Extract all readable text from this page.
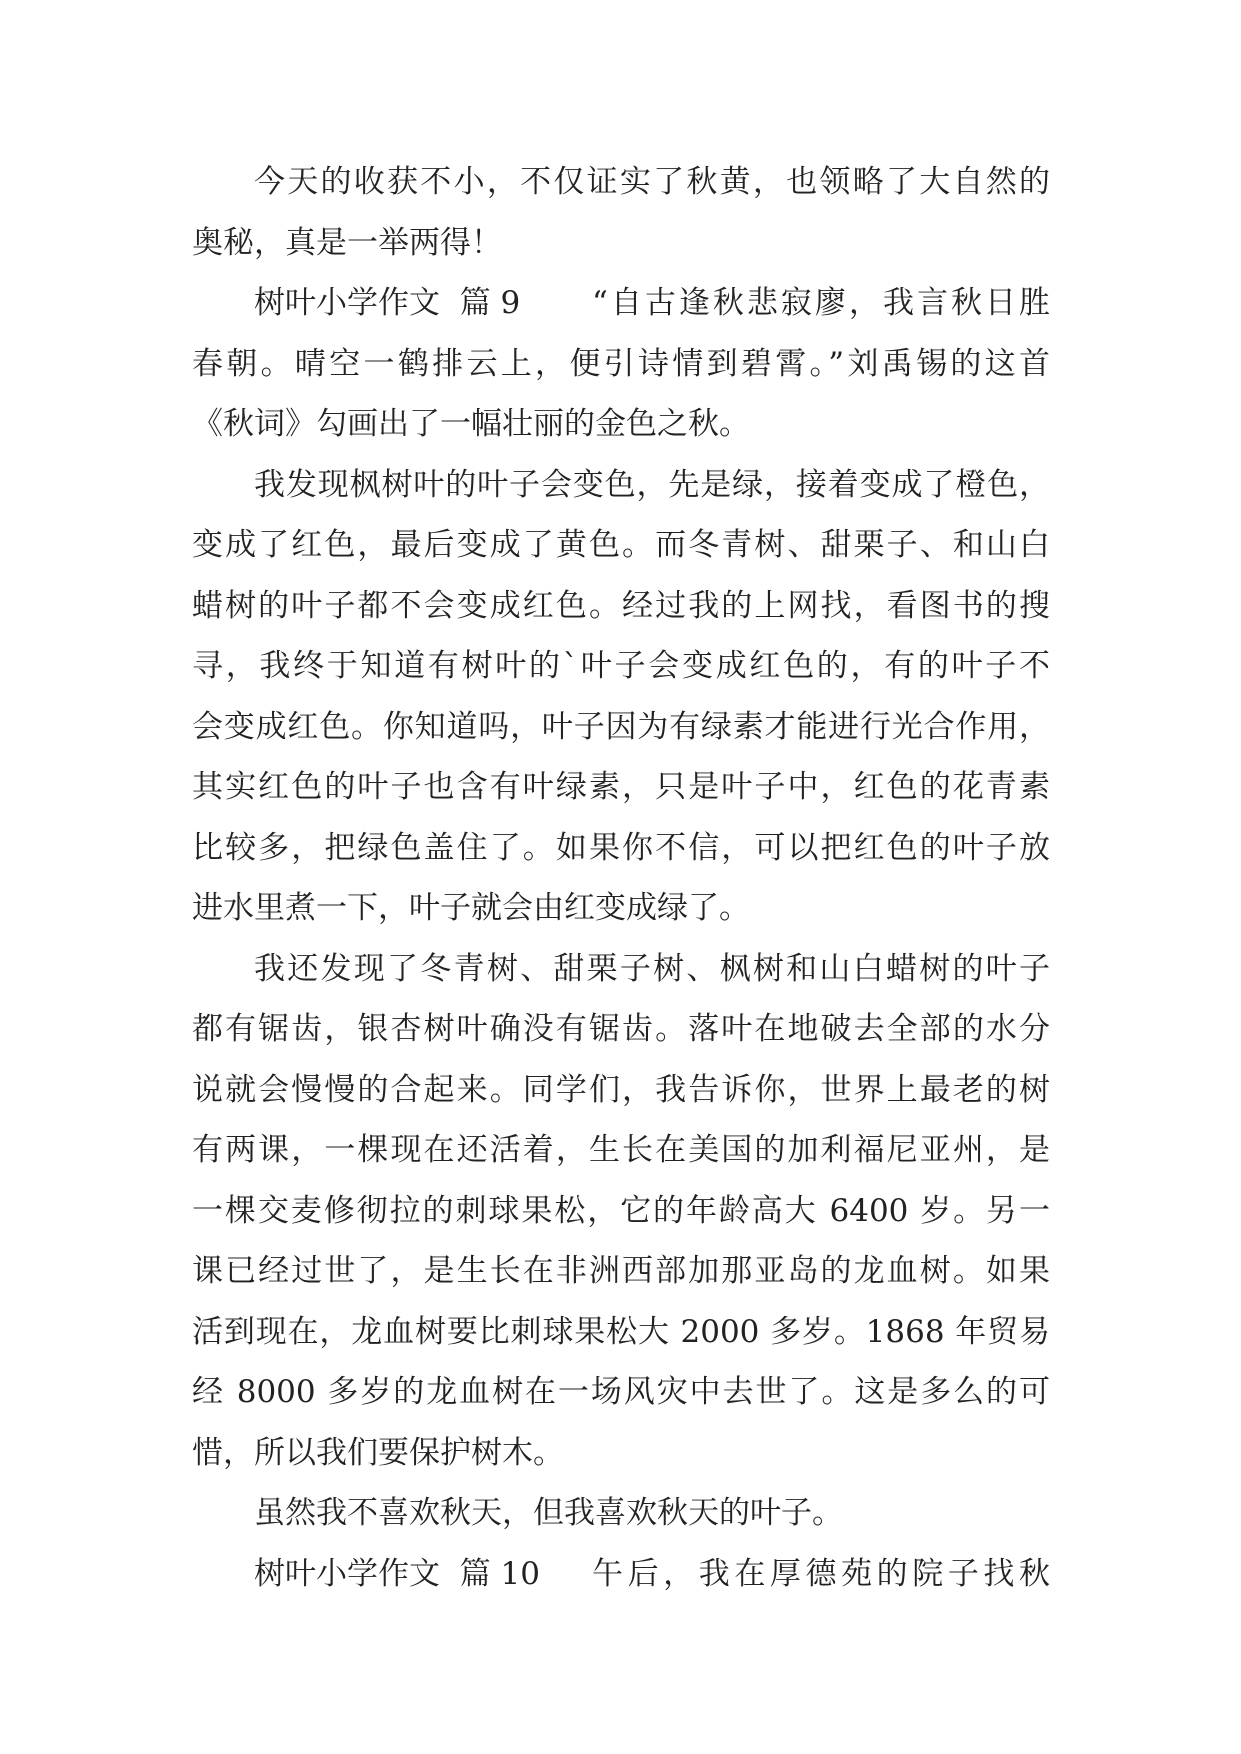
今天的收获不小，不仅证实了秋黄，也领略了大自然的
奥秘，真是一举两得！
树叶小学作文  篇 9	“自古逢秋悲寂廖，我言秋日胜
春朝。晴空一鹤排云上，便引诗情到碧霄。”刘禹锡的这首
《秋词》勾画出了一幅壮丽的金色之秋。
我发现枫树叶的叶子会变色，先是绿，接着变成了橙色，
变成了红色，最后变成了黄色。而冬青树、甜栗子、和山白
蜡树的叶子都不会变成红色。经过我的上网找，看图书的搜
寻，我终于知道有树叶的`叶子会变成红色的，有的叶子不
会变成红色。你知道吗，叶子因为有绿素才能进行光合作用，
其实红色的叶子也含有叶绿素，只是叶子中，红色的花青素
比较多，把绿色盖住了。如果你不信，可以把红色的叶子放
进水里煮一下，叶子就会由红变成绿了。
我还发现了冬青树、甜栗子树、枫树和山白蜡树的叶子
都有锯齿，银杏树叶确没有锯齿。落叶在地破去全部的水分
说就会慢慢的合起来。同学们，我告诉你，世界上最老的树
有两课，一棵现在还活着，生长在美国的加利福尼亚州，是
一棵交麦修彻拉的刺球果松，它的年龄高大 6400 岁。另一
课已经过世了，是生长在非洲西部加那亚岛的龙血树。如果
活到现在，龙血树要比刺球果松大 2000 多岁。1868 年贸易
经 8000 多岁的龙血树在一场风灾中去世了。这是多么的可
惜，所以我们要保护树木。
虽然我不喜欢秋天，但我喜欢秋天的叶子。
树叶小学作文  篇 10	午后，我在厚德苑的院子找秋
